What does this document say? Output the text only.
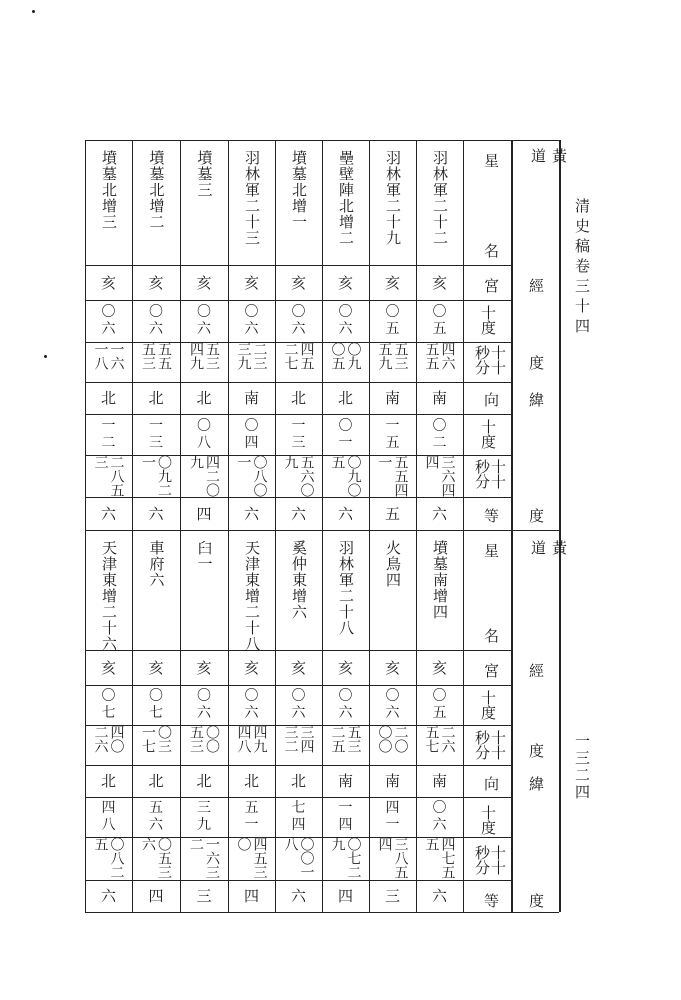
清史稿卷三十四
一三二四
黃道
經
度
緯
度
黃道
經
度
緯
度
星
名
宮
十度
十十秒分
向
十度
十十秒分
等
星
名
宮
十度
十十秒分
向
十度
十十秒分
等
羽林軍二十二
亥
〇
五
四六五五
南
〇
二
三六四四
六
羽林軍二十九
亥
〇
五
五三五九
南
一
五
五五四一
五
壘壁陣北增二
亥
〇
六
〇九〇五
北
〇
一
〇九〇五
六
墳墓北增一
亥
〇
六
四五二七
北
一
三
五六〇九
六
羽林軍二十三
亥
〇
六
二三三九
南
〇
四
〇八〇一
六
墳墓三
亥
〇
六
五三四九
北
〇
八
四二〇九
四
墳墓北增二
亥
〇
六
五五五三
北
一
三
〇九二一
六
墳墓北增三
亥
〇
六
一六一八
北
一
二
二八五三
六
墳墓南增四
亥
〇
五
二六五七
南
〇
六
四七五五
六
火鳥四
亥
〇
六
二〇〇〇
南
四
一
三八五四
三
羽林軍二十八
亥
〇
六
五三二五
南
一
四
〇七二九
四
奚仲東增六
亥
〇
六
三四三二
北
七
四
〇〇一八
六
天津東增二十八
亥
〇
六
四九四八
北
五
一
四五三〇
四
臼一
亥
〇
六
〇〇五三
北
三
九
一六三二
三
車府六
亥
〇
七
〇三一七
北
五
六
〇五三六
四
天津東增二十六
亥
〇
七
四〇二六
北
四
八
〇八二五
六
